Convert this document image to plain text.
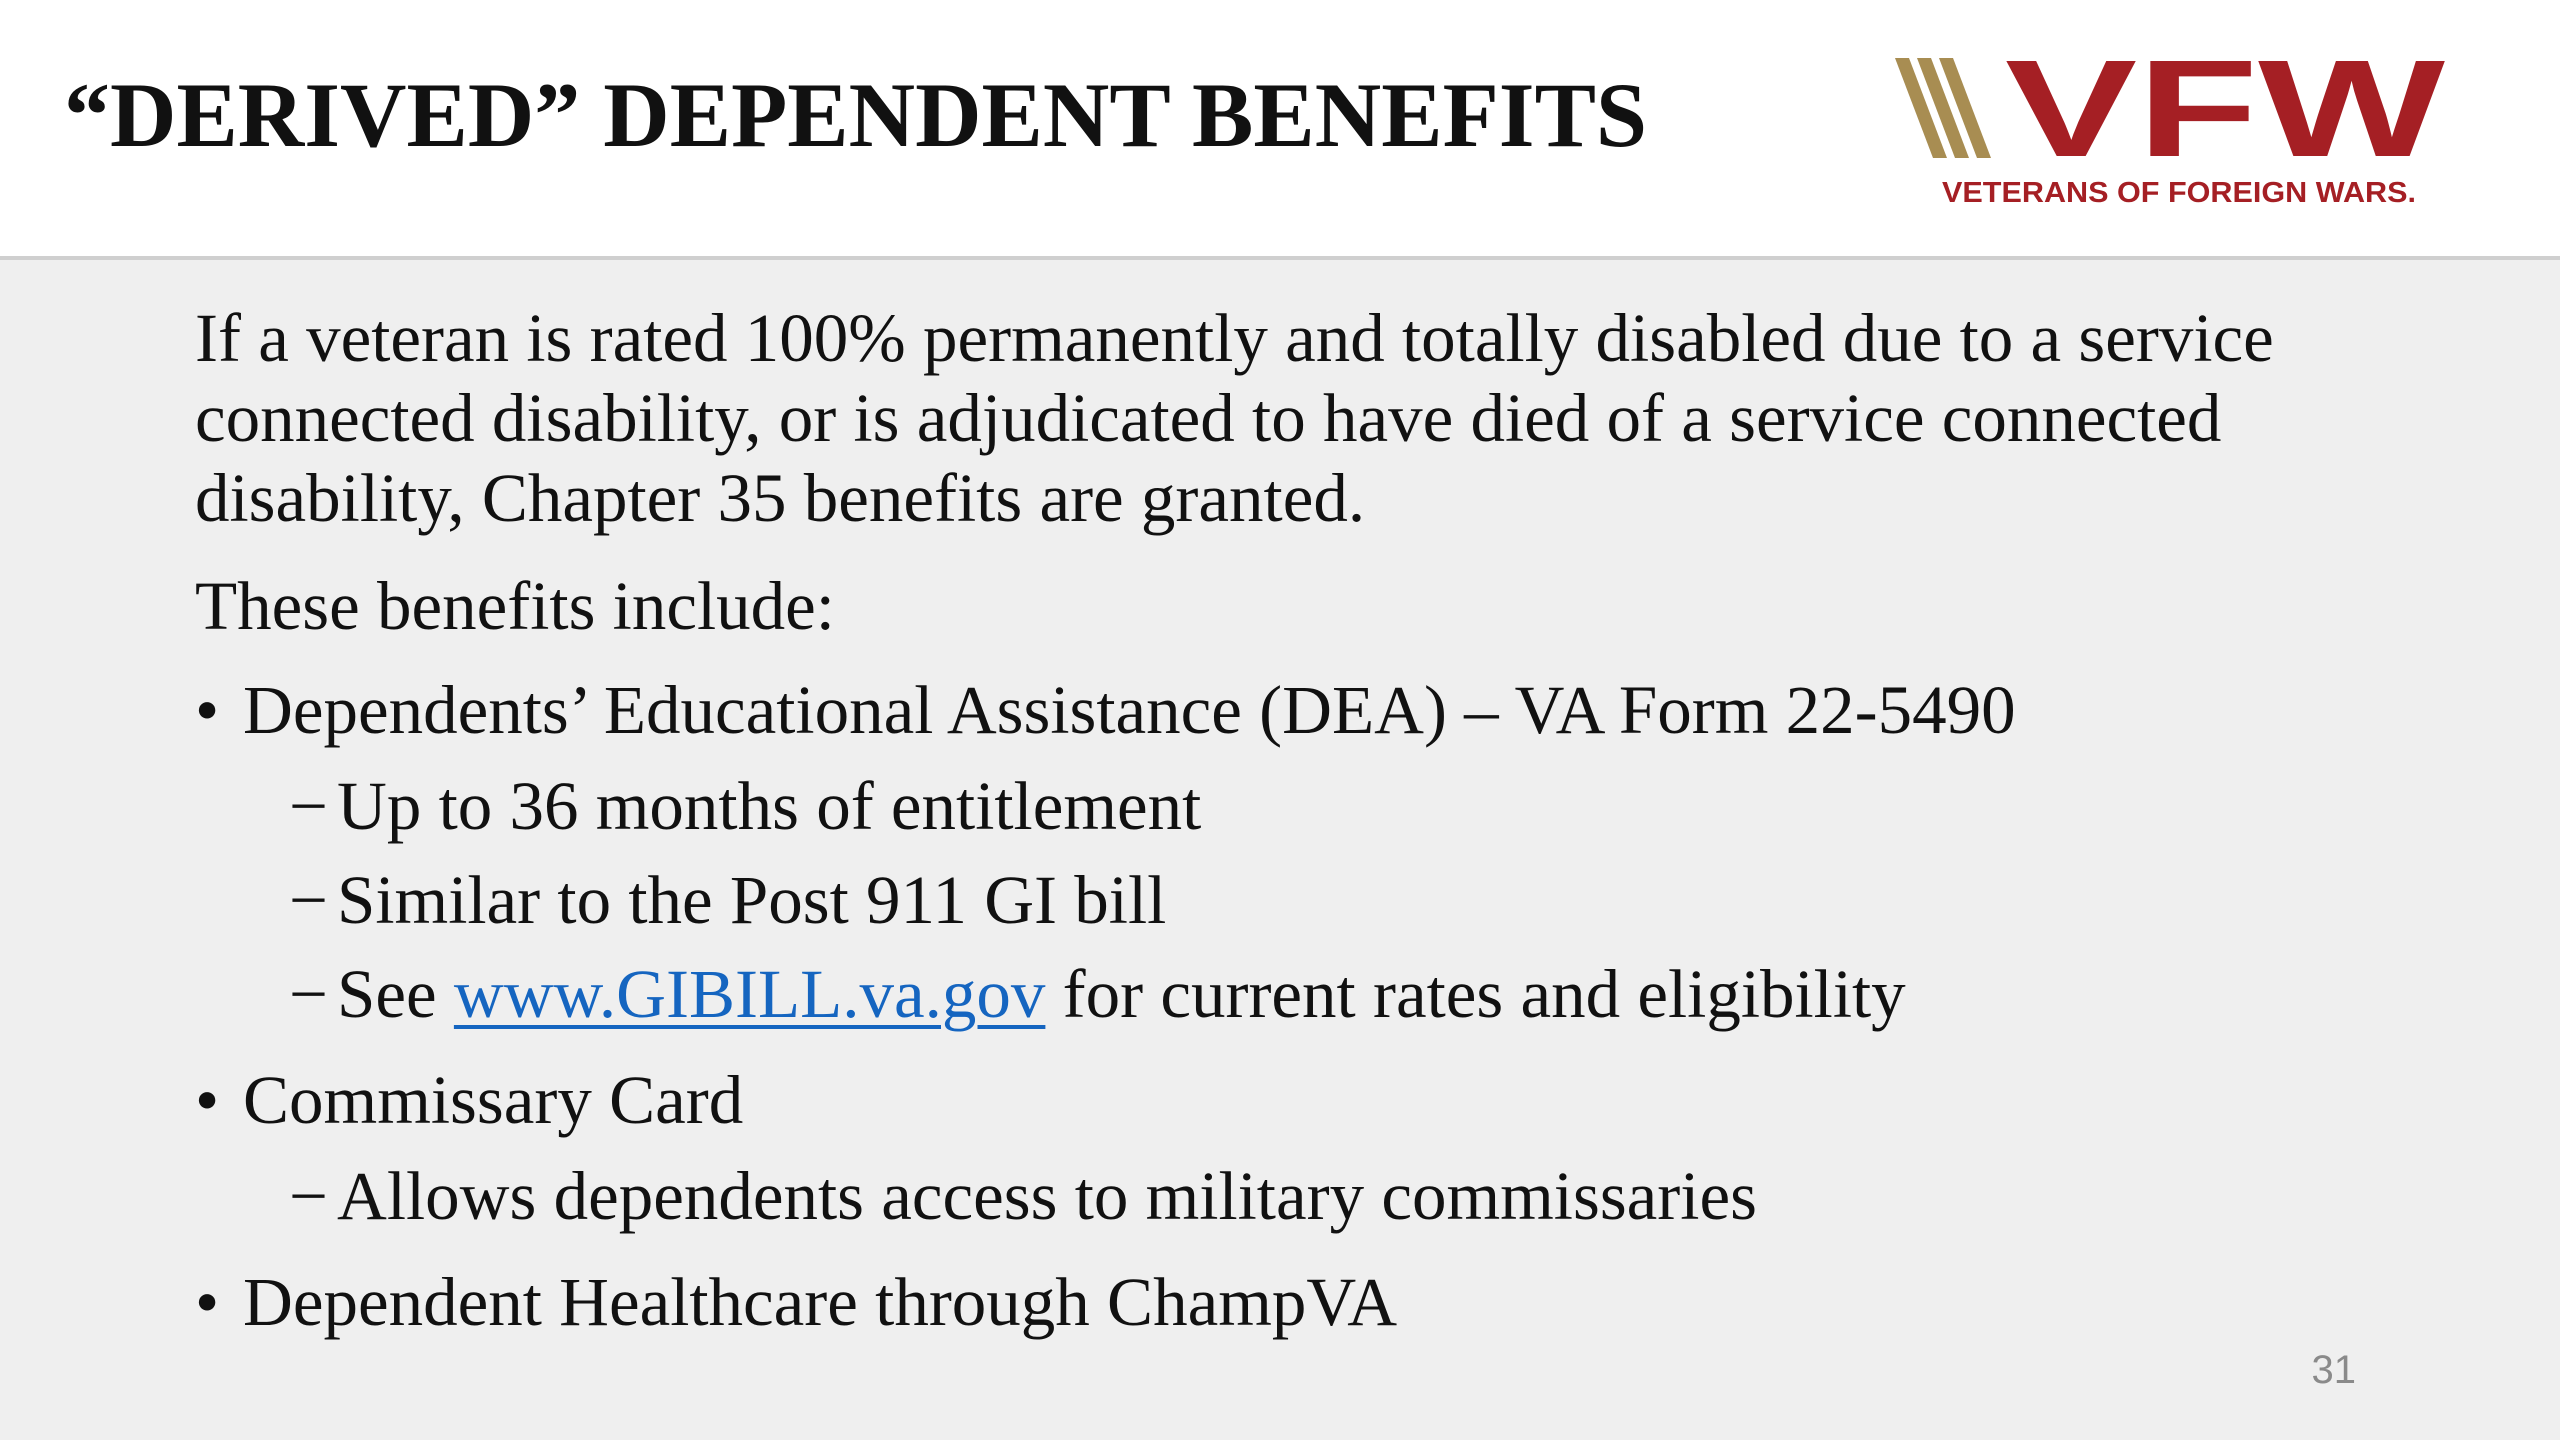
“DERIVED” DEPENDENT BENEFITS	VFW
VETERANS OF FOREIGN WARS.

If a veteran is rated 100% permanently and totally disabled due to a service connected disability, or is adjudicated to have died of a service connected disability, Chapter 35 benefits are granted.

These benefits include:

• Dependents’ Educational Assistance (DEA) – VA Form 22-5490

− Up to 36 months of entitlement

− Similar to the Post 911 GI bill

− See www.GIBILL.va.gov for current rates and eligibility

• Commissary Card

− Allows dependents access to military commissaries

• Dependent Healthcare through ChampVA

31
